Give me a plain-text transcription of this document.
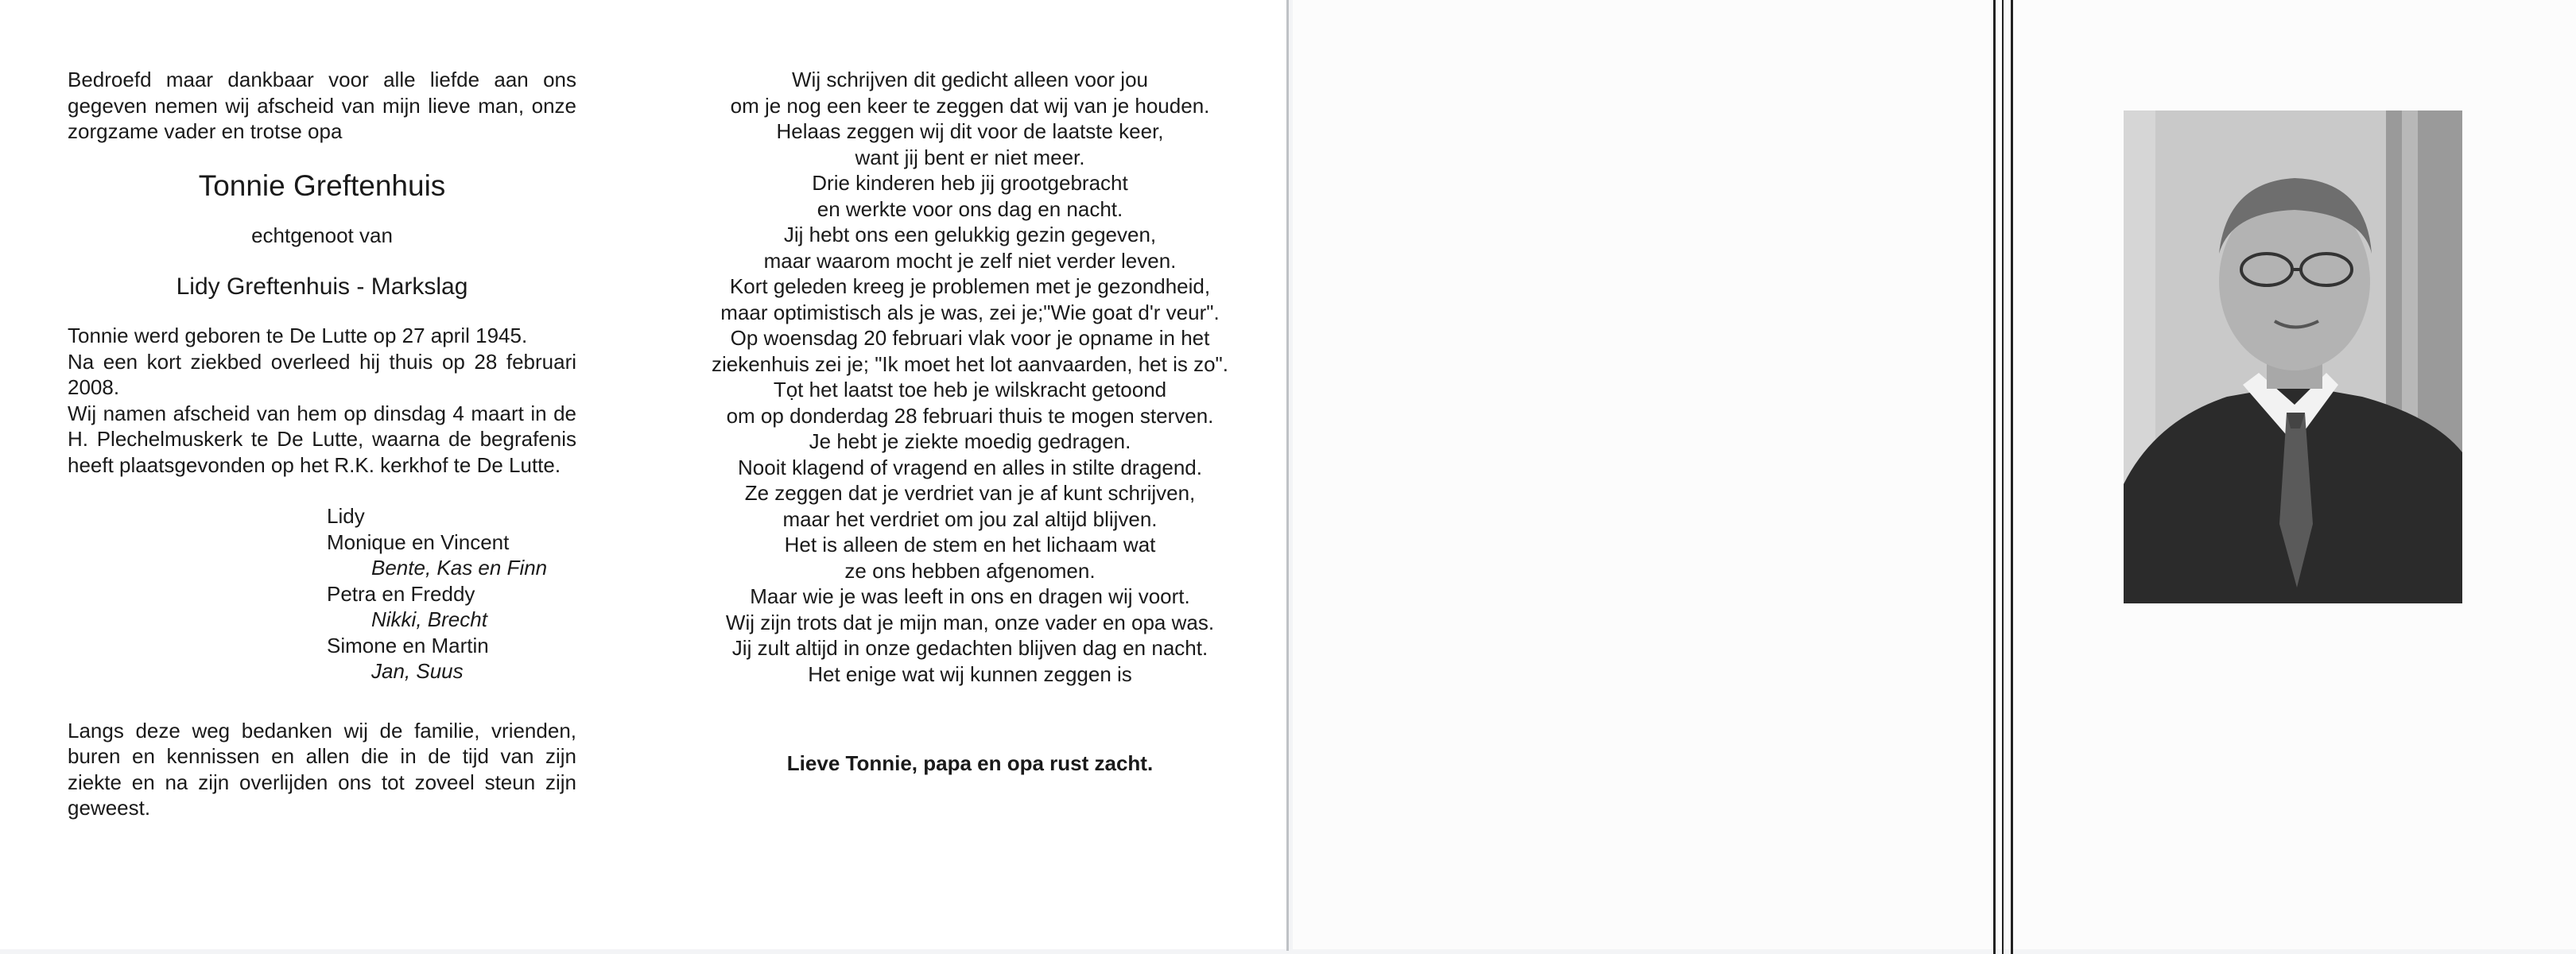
Bedroefd maar dankbaar voor alle liefde aan ons gegeven nemen wij afscheid van mijn lieve man, onze zorgzame vader en trotse opa

Tonnie Greftenhuis

echtgenoot van

Lidy Greftenhuis - Markslag

Tonnie werd geboren te De Lutte op 27 april 1945.

Na een kort ziekbed overleed hij thuis op 28 februari 2008.

Wij namen afscheid van hem op dinsdag 4 maart in de H. Plechelmuskerk te De Lutte, waarna de begrafenis heeft plaatsgevonden op het R.K. kerkhof te De Lutte.

Lidy
Monique en Vincent
Bente, Kas en Finn
Petra en Freddy
Nikki, Brecht
Simone en Martin
Jan, Suus

Langs deze weg bedanken wij de familie, vrienden, buren en kennissen en allen die in de tijd van zijn ziekte en na zijn overlijden ons tot zoveel steun zijn geweest.

Wij schrijven dit gedicht alleen voor jou
om je nog een keer te zeggen dat wij van je houden.
Helaas zeggen wij dit voor de laatste keer,
want jij bent er niet meer.
Drie kinderen heb jij grootgebracht
en werkte voor ons dag en nacht.
Jij hebt ons een gelukkig gezin gegeven,
maar waarom mocht je zelf niet verder leven.
Kort geleden kreeg je problemen met je gezondheid,
maar optimistisch als je was, zei je;"Wie goat d'r veur".
Op woensdag 20 februari vlak voor je opname in het
ziekenhuis zei je; "Ik moet het lot aanvaarden, het is zo".
Tọt het laatst toe heb je wilskracht getoond
om op donderdag 28 februari thuis te mogen sterven.
Je hebt je ziekte moedig gedragen.
Nooit klagend of vragend en alles in stilte dragend.
Ze zeggen dat je verdriet van je af kunt schrijven,
maar het verdriet om jou zal altijd blijven.
Het is alleen de stem en het lichaam wat
ze ons hebben afgenomen.
Maar wie je was leeft in ons en dragen wij voort.
Wij zijn trots dat je mijn man, onze vader en opa was.
Jij zult altijd in onze gedachten blijven dag en nacht.
Het enige wat wij kunnen zeggen is
Lieve Tonnie, papa en opa rust zacht.
